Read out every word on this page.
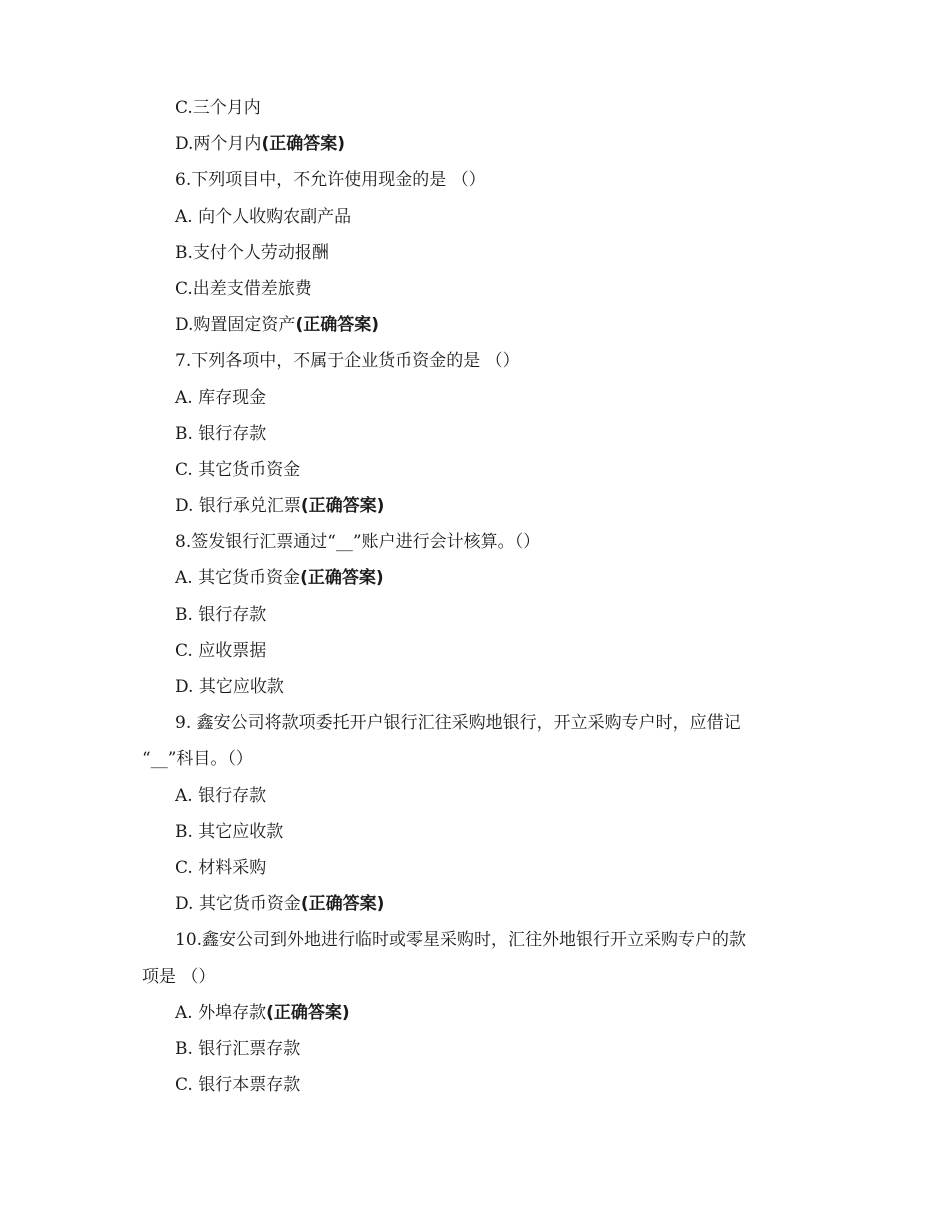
C.三个月内
D.两个月内(正确答案)
6.下列项目中，不允许使用现金的是 （）
A. 向个人收购农副产品
B.支付个人劳动报酬
C.出差支借差旅费
D.购置固定资产(正确答案)
7.下列各项中，不属于企业货币资金的是 （）
A. 库存现金
B. 银行存款
C. 其它货币资金
D. 银行承兑汇票(正确答案)
8.签发银行汇票通过“__”账户进行会计核算。（）
A. 其它货币资金(正确答案)
B. 银行存款
C. 应收票据
D. 其它应收款
9. 鑫安公司将款项委托开户银行汇往采购地银行，开立采购专户时，应借记
“__”科目。（）
A. 银行存款
B. 其它应收款
C. 材料采购
D. 其它货币资金(正确答案)
10.鑫安公司到外地进行临时或零星采购时，汇往外地银行开立采购专户的款
项是 （）
A. 外埠存款(正确答案)
B. 银行汇票存款
C. 银行本票存款
